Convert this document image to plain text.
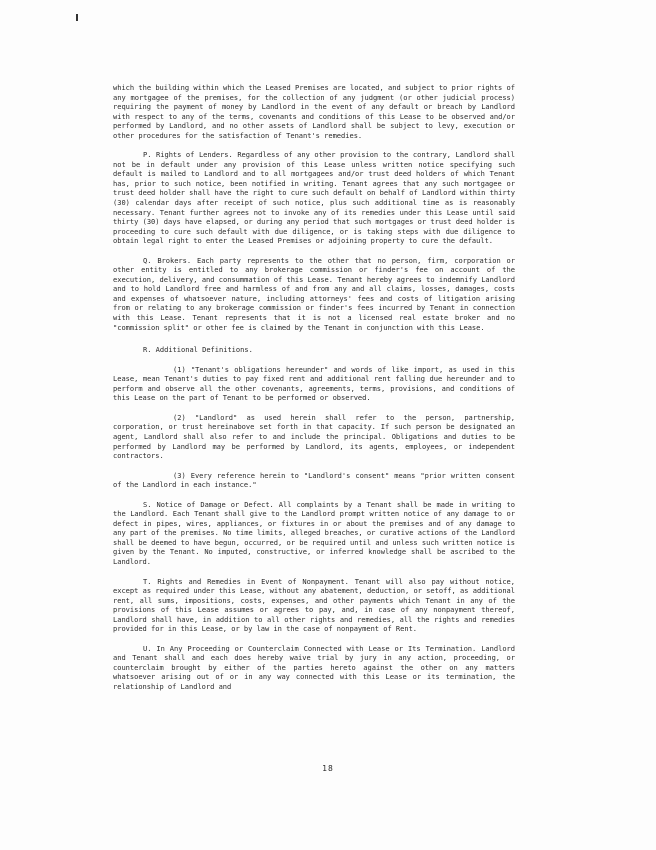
which the building within which the Leased Premises are located, and subject to prior rights of any mortgagee of the premises, for the collection of any judgment (or other judicial process) requiring the payment of money by Landlord in the event of any default or breach by Landlord with respect to any of the terms, covenants and conditions of this Lease to be observed and/or performed by Landlord, and no other assets of Landlord shall be subject to levy, execution or other procedures for the satisfaction of Tenant's remedies.

P. Rights of Lenders. Regardless of any other provision to the contrary, Landlord shall not be in default under any provision of this Lease unless written notice specifying such default is mailed to Landlord and to all mortgagees and/or trust deed holders of which Tenant has, prior to such notice, been notified in writing. Tenant agrees that any such mortgagee or trust deed holder shall have the right to cure such default on behalf of Landlord within thirty (30) calendar days after receipt of such notice, plus such additional time as is reasonably necessary. Tenant further agrees not to invoke any of its remedies under this Lease until said thirty (30) days have elapsed, or during any period that such mortgages or trust deed holder is proceeding to cure such default with due diligence, or is taking steps with due diligence to obtain legal right to enter the Leased Premises or adjoining property to cure the default.

Q. Brokers. Each party represents to the other that no person, firm, corporation or other entity is entitled to any brokerage commission or finder's fee on account of the execution, delivery, and consummation of this Lease. Tenant hereby agrees to indemnify Landlord and to hold Landlord free and harmless of and from any and all claims, losses, damages, costs and expenses of whatsoever nature, including attorneys' fees and costs of litigation arising from or relating to any brokerage commission or finder's fees incurred by Tenant in connection with this Lease. Tenant represents that it is not a licensed real estate broker and no "commission split" or other fee is claimed by the Tenant in conjunction with this Lease.

R. Additional Definitions.

(1) "Tenant's obligations hereunder" and words of like import, as used in this Lease, mean Tenant's duties to pay fixed rent and additional rent falling due hereunder and to perform and observe all the other covenants, agreements, terms, provisions, and conditions of this Lease on the part of Tenant to be performed or observed.

(2) "Landlord" as used herein shall refer to the person, partnership, corporation, or trust hereinabove set forth in that capacity. If such person be designated an agent, Landlord shall also refer to and include the principal. Obligations and duties to be performed by Landlord may be performed by Landlord, its agents, employees, or independent contractors.

(3) Every reference herein to "Landlord's consent" means "prior written consent of the Landlord in each instance."

S. Notice of Damage or Defect. All complaints by a Tenant shall be made in writing to the Landlord. Each Tenant shall give to the Landlord prompt written notice of any damage to or defect in pipes, wires, appliances, or fixtures in or about the premises and of any damage to any part of the premises. No time limits, alleged breaches, or curative actions of the Landlord shall be deemed to have begun, occurred, or be required until and unless such written notice is given by the Tenant. No imputed, constructive, or inferred knowledge shall be ascribed to the Landlord.

T. Rights and Remedies in Event of Nonpayment. Tenant will also pay without notice, except as required under this Lease, without any abatement, deduction, or setoff, as additional rent, all sums, impositions, costs, expenses, and other payments which Tenant in any of the provisions of this Lease assumes or agrees to pay, and, in case of any nonpayment thereof, Landlord shall have, in addition to all other rights and remedies, all the rights and remedies provided for in this Lease, or by law in the case of nonpayment of Rent.

U. In Any Proceeding or Counterclaim Connected with Lease or Its Termination. Landlord and Tenant shall and each does hereby waive trial by jury in any action, proceeding, or counterclaim brought by either of the parties hereto against the other on any matters whatsoever arising out of or in any way connected with this Lease or its termination, the relationship of Landlord and

18
